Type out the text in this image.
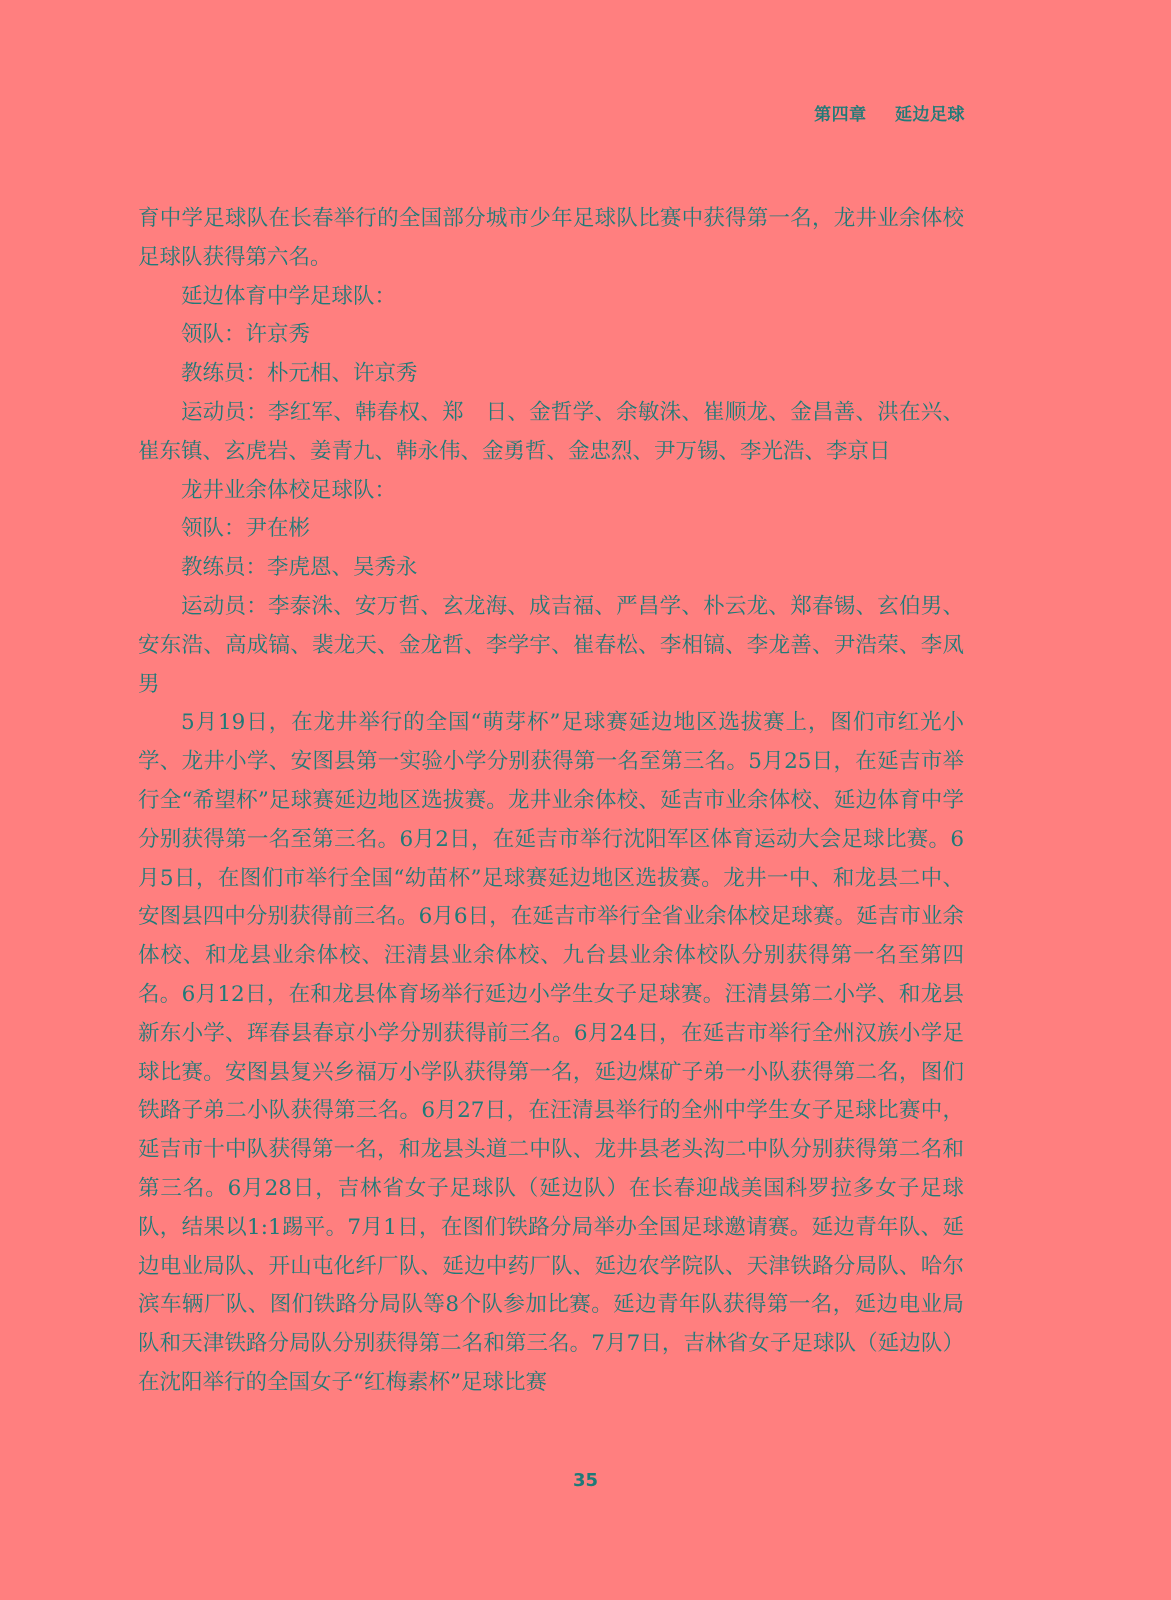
第四章 延边足球

育中学足球队在长春举行的全国部分城市少年足球队比赛中获得第一名，龙井业余体校足球队获得第六名。

延边体育中学足球队：

领队：许京秀

教练员：朴元相、许京秀

运动员：李红军、韩春权、郑　日、金哲学、余敏洙、崔顺龙、金昌善、洪在兴、崔东镇、玄虎岩、姜青九、韩永伟、金勇哲、金忠烈、尹万锡、李光浩、李京日

龙井业余体校足球队：

领队：尹在彬

教练员：李虎恩、吴秀永

运动员：李泰洙、安万哲、玄龙海、成吉福、严昌学、朴云龙、郑春锡、玄伯男、安东浩、高成镐、裴龙天、金龙哲、李学宇、崔春松、李相镐、李龙善、尹浩荣、李凤男

5月19日，在龙井举行的全国“萌芽杯”足球赛延边地区选拔赛上，图们市红光小学、龙井小学、安图县第一实验小学分别获得第一名至第三名。5月25日，在延吉市举行全“希望杯”足球赛延边地区选拔赛。龙井业余体校、延吉市业余体校、延边体育中学分别获得第一名至第三名。6月2日，在延吉市举行沈阳军区体育运动大会足球比赛。6月5日，在图们市举行全国“幼苗杯”足球赛延边地区选拔赛。龙井一中、和龙县二中、安图县四中分别获得前三名。6月6日，在延吉市举行全省业余体校足球赛。延吉市业余体校、和龙县业余体校、汪清县业余体校、九台县业余体校队分别获得第一名至第四名。6月12日，在和龙县体育场举行延边小学生女子足球赛。汪清县第二小学、和龙县新东小学、珲春县春京小学分别获得前三名。6月24日，在延吉市举行全州汉族小学足球比赛。安图县复兴乡福万小学队获得第一名，延边煤矿子弟一小队获得第二名，图们铁路子弟二小队获得第三名。6月27日，在汪清县举行的全州中学生女子足球比赛中，延吉市十中队获得第一名，和龙县头道二中队、龙井县老头沟二中队分别获得第二名和第三名。6月28日，吉林省女子足球队（延边队）在长春迎战美国科罗拉多女子足球队，结果以1:1踢平。7月1日，在图们铁路分局举办全国足球邀请赛。延边青年队、延边电业局队、开山屯化纤厂队、延边中药厂队、延边农学院队、天津铁路分局队、哈尔滨车辆厂队、图们铁路分局队等8个队参加比赛。延边青年队获得第一名，延边电业局队和天津铁路分局队分别获得第二名和第三名。7月7日，吉林省女子足球队（延边队）在沈阳举行的全国女子“红梅素杯”足球比赛

35
